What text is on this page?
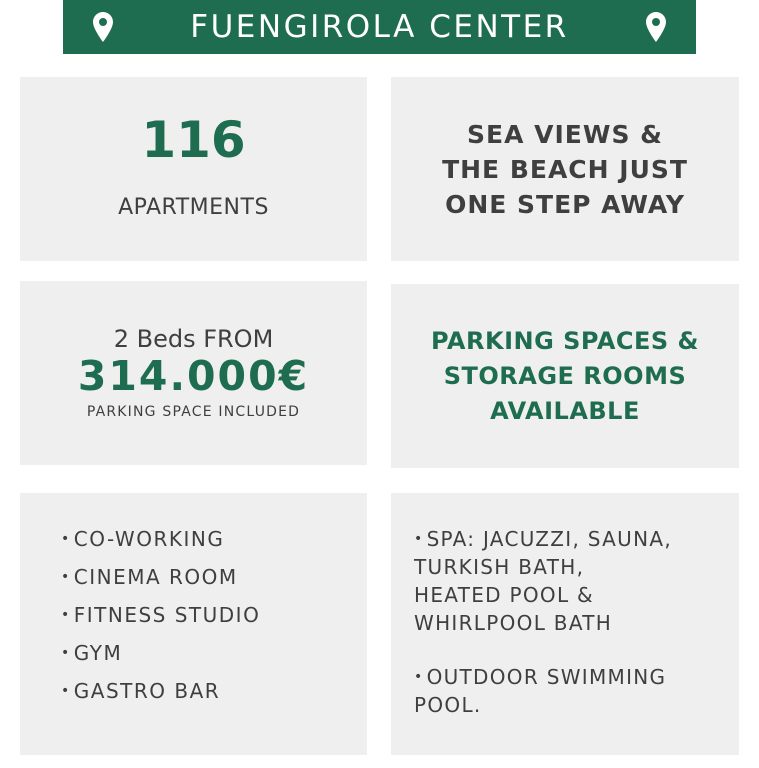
FUENGIROLA CENTER
116
APARTMENTS
SEA VIEWS &
THE BEACH JUST
ONE STEP AWAY
2 Beds FROM
314.000€
PARKING SPACE INCLUDED
PARKING SPACES &
STORAGE ROOMS
AVAILABLE
• CO-WORKING
• CINEMA ROOM
• FITNESS STUDIO
• GYM
• GASTRO BAR
• SPA: JACUZZI, SAUNA,
TURKISH BATH,
HEATED POOL &
WHIRLPOOL BATH
• OUTDOOR SWIMMING
POOL.
